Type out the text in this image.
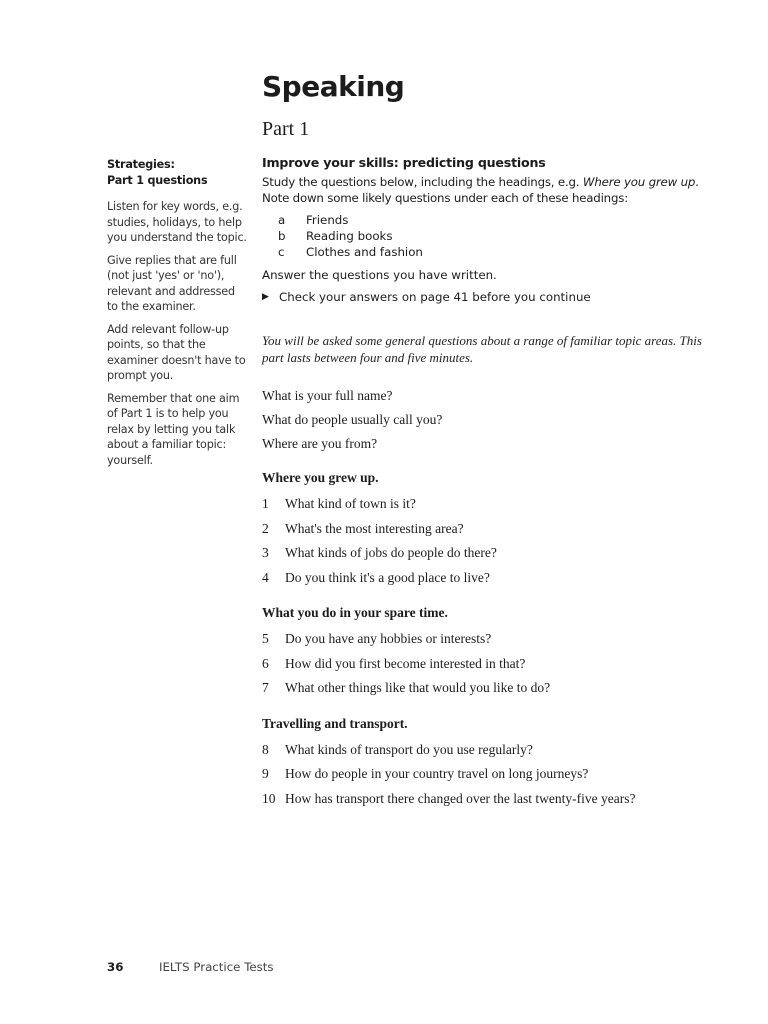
Speaking
Part 1
Strategies:
Part 1 questions

Listen for key words, e.g. studies, holidays, to help you understand the topic.

Give replies that are full (not just 'yes' or 'no'), relevant and addressed to the examiner.

Add relevant follow-up points, so that the examiner doesn't have to prompt you.

Remember that one aim of Part 1 is to help you relax by letting you talk about a familiar topic: yourself.

Improve your skills: predicting questions
Study the questions below, including the headings, e.g. Where you grew up. Note down some likely questions under each of these headings:
a	Friends
b	Reading books
c	Clothes and fashion
Answer the questions you have written.
▶ Check your answers on page 41 before you continue
You will be asked some general questions about a range of familiar topic areas. This part lasts between four and five minutes.
What is your full name?
What do people usually call you?
Where are you from?
Where you grew up.
1	What kind of town is it?
2	What's the most interesting area?
3	What kinds of jobs do people do there?
4	Do you think it's a good place to live?
What you do in your spare time.
5	Do you have any hobbies or interests?
6	How did you first become interested in that?
7	What other things like that would you like to do?
Travelling and transport.
8	What kinds of transport do you use regularly?
9	How do people in your country travel on long journeys?
10 How has transport there changed over the last twenty-five years?
36	IELTS Practice Tests
